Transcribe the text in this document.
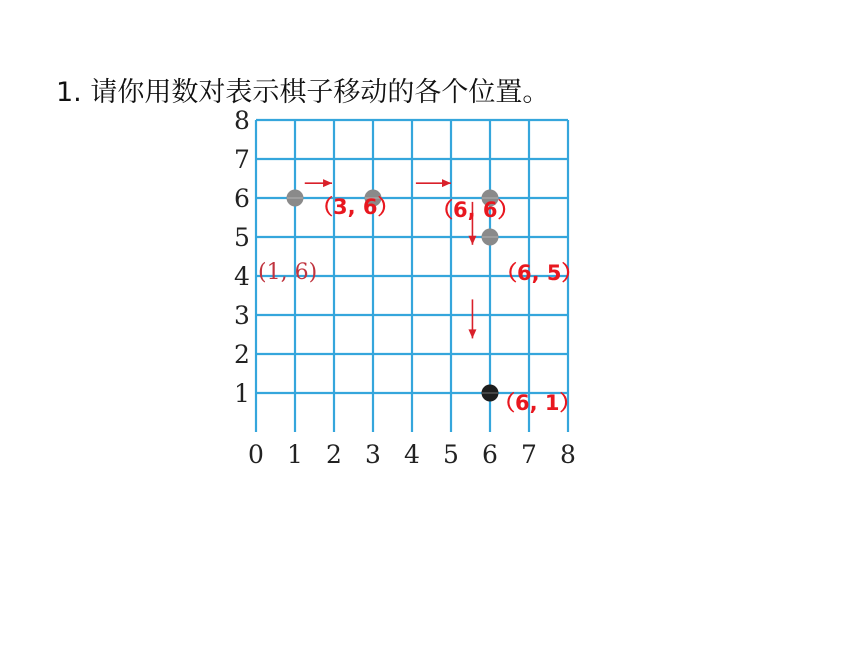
1. 请你用数对表示棋子移动的各个位置。
0 1 2 3 4 5 6 7 8
1
2
3
4
5
6
7
8
(1, 6)
（3, 6） （6, 6）
（6, 5）
（6, 1）
